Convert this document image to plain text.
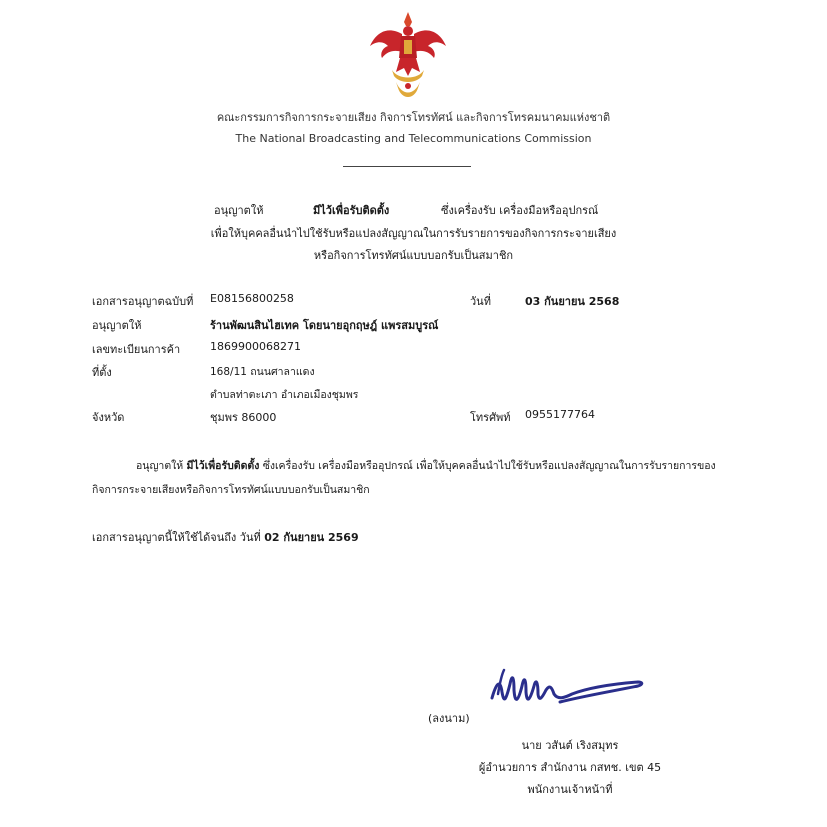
คณะกรรมการกิจการกระจายเสียง กิจการโทรทัศน์ และกิจการโทรคมนาคมแห่งชาติ
The National Broadcasting and Telecommunications Commission
อนุญาตให้	มีไว้เพื่อรับติดตั้ง	ซึ่งเครื่องรับ เครื่องมือหรืออุปกรณ์
เพื่อให้บุคคลอื่นนำไปใช้รับหรือแปลงสัญญาณในการรับรายการของกิจการกระจายเสียง
หรือกิจการโทรทัศน์แบบบอกรับเป็นสมาชิก
เอกสารอนุญาตฉบับที่ E08156800258	วันที่	03 กันยายน 2568
อนุญาตให้	ร้านพัฒนสินไฮเทค โดยนายอุกฤษฎ์ แพรสมบูรณ์
เลขทะเบียนการค้า	1869900068271
ที่ตั้ง	168/11 ถนนศาลาแดง
ตำบลท่าตะเภา อำเภอเมืองชุมพร
จังหวัด	ชุมพร 86000	โทรศัพท์ 0955177764
อนุญาตให้ มีไว้เพื่อรับติดตั้ง ซึ่งเครื่องรับ เครื่องมือหรืออุปกรณ์ เพื่อให้บุคคลอื่นนำไปใช้รับหรือแปลงสัญญาณในการรับรายการของ
กิจการกระจายเสียงหรือกิจการโทรทัศน์แบบบอกรับเป็นสมาชิก
เอกสารอนุญาตนี้ให้ใช้ได้จนถึง วันที่ 02 กันยายน 2569
(ลงนาม)
นาย วสันต์ เริงสมุทร
ผู้อำนวยการ สำนักงาน กสทช. เขต 45
พนักงานเจ้าหน้าที่
